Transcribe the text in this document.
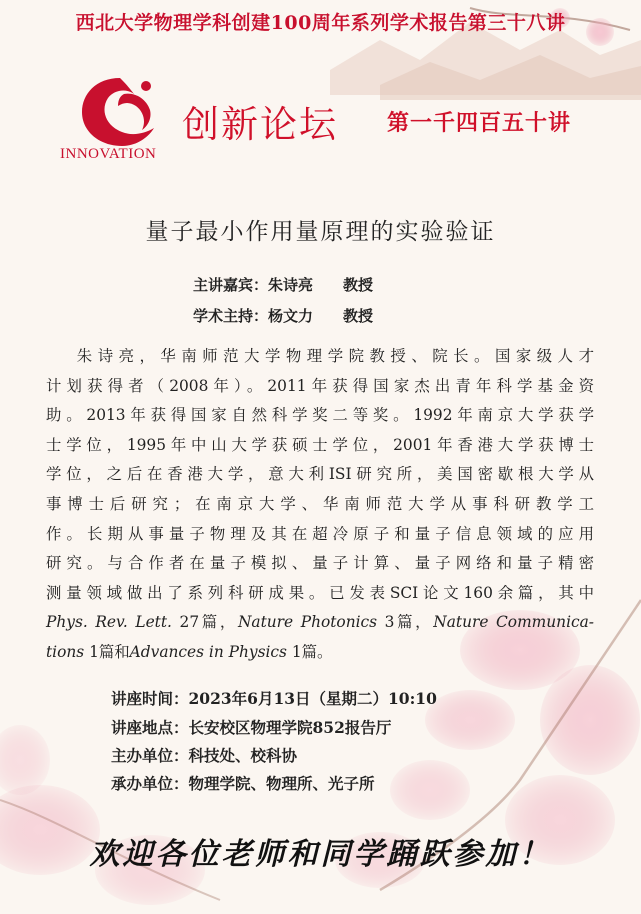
西北大学物理学科创建100周年系列学术报告第三十八讲
INNOVATION
创新论坛 第一千四百五十讲
量子最小作用量原理的实验验证
主讲嘉宾：朱诗亮 教授
学术主持：杨文力 教授
朱诗亮，华南师范大学物理学院教授、院长。国家级人才
计划获得者（2008年）。2011年获得国家杰出青年科学基金资
助。2013年获得国家自然科学奖二等奖。1992年南京大学获学
士学位，1995年中山大学获硕士学位，2001年香港大学获博士
学位，之后在香港大学，意大利ISI研究所，美国密歇根大学从
事博士后研究；在南京大学、华南师范大学从事科研教学工
作。长期从事量子物理及其在超冷原子和量子信息领域的应用
研究。与合作者在量子模拟、量子计算、量子网络和量子精密
测量领域做出了系列科研成果。已发表SCI论文160余篇，其中
Phys. Rev. Lett. 27篇，Nature Photonics 3篇，Nature Communica-
tions 1篇和Advances in Physics 1篇。
讲座时间：2023年6月13日（星期二）10:10
讲座地点：长安校区物理学院852报告厅
主办单位：科技处、校科协
承办单位：物理学院、物理所、光子所
欢迎各位老师和同学踊跃参加！
